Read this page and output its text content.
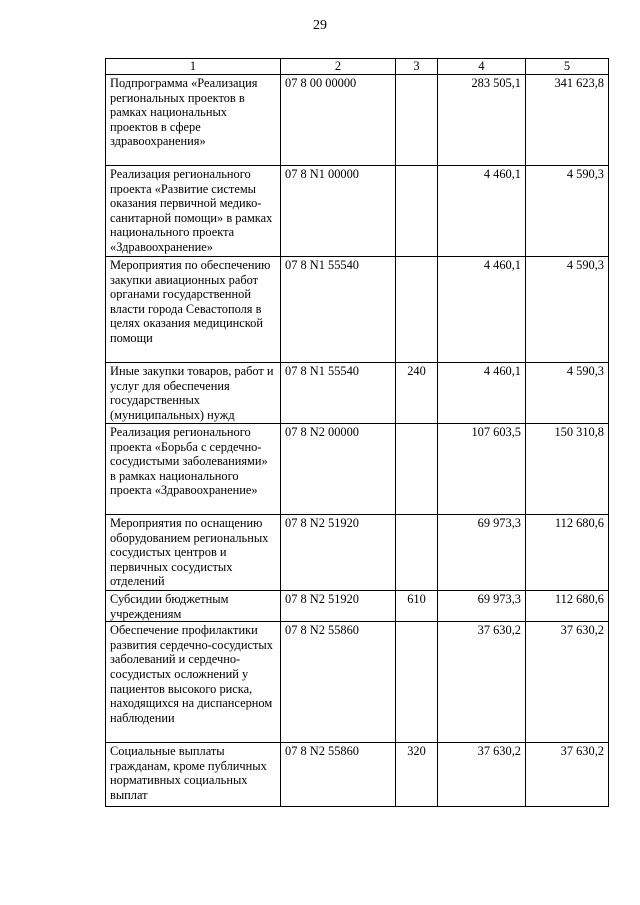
29
1	2	3	4	5
Подпрограмма «Реализация региональных проектов в рамках национальных проектов в сфере здравоохранения»	07 8 00 00000		283 505,1	341 623,8
Реализация регионального проекта «Развитие системы оказания первичной медико-санитарной помощи» в рамках национального проекта «Здравоохранение»	07 8 N1 00000		4 460,1	4 590,3
Мероприятия по обеспечению закупки авиационных работ органами государственной власти города Севастополя в целях оказания медицинской помощи	07 8 N1 55540		4 460,1	4 590,3
Иные закупки товаров, работ и услуг для обеспечения государственных (муниципальных) нужд	07 8 N1 55540	240	4 460,1	4 590,3
Реализация регионального проекта «Борьба с сердечно-сосудистыми заболеваниями» в рамках национального проекта «Здравоохранение»	07 8 N2 00000		107 603,5	150 310,8
Мероприятия по оснащению оборудованием региональных сосудистых центров и первичных сосудистых отделений	07 8 N2 51920		69 973,3	112 680,6
Субсидии бюджетным учреждениям	07 8 N2 51920	610	69 973,3	112 680,6
Обеспечение профилактики развития сердечно-сосудистых заболеваний и сердечно-сосудистых осложнений у пациентов высокого риска, находящихся на диспансерном наблюдении	07 8 N2 55860		37 630,2	37 630,2
Социальные выплаты гражданам, кроме публичных нормативных социальных выплат	07 8 N2 55860	320	37 630,2	37 630,2
